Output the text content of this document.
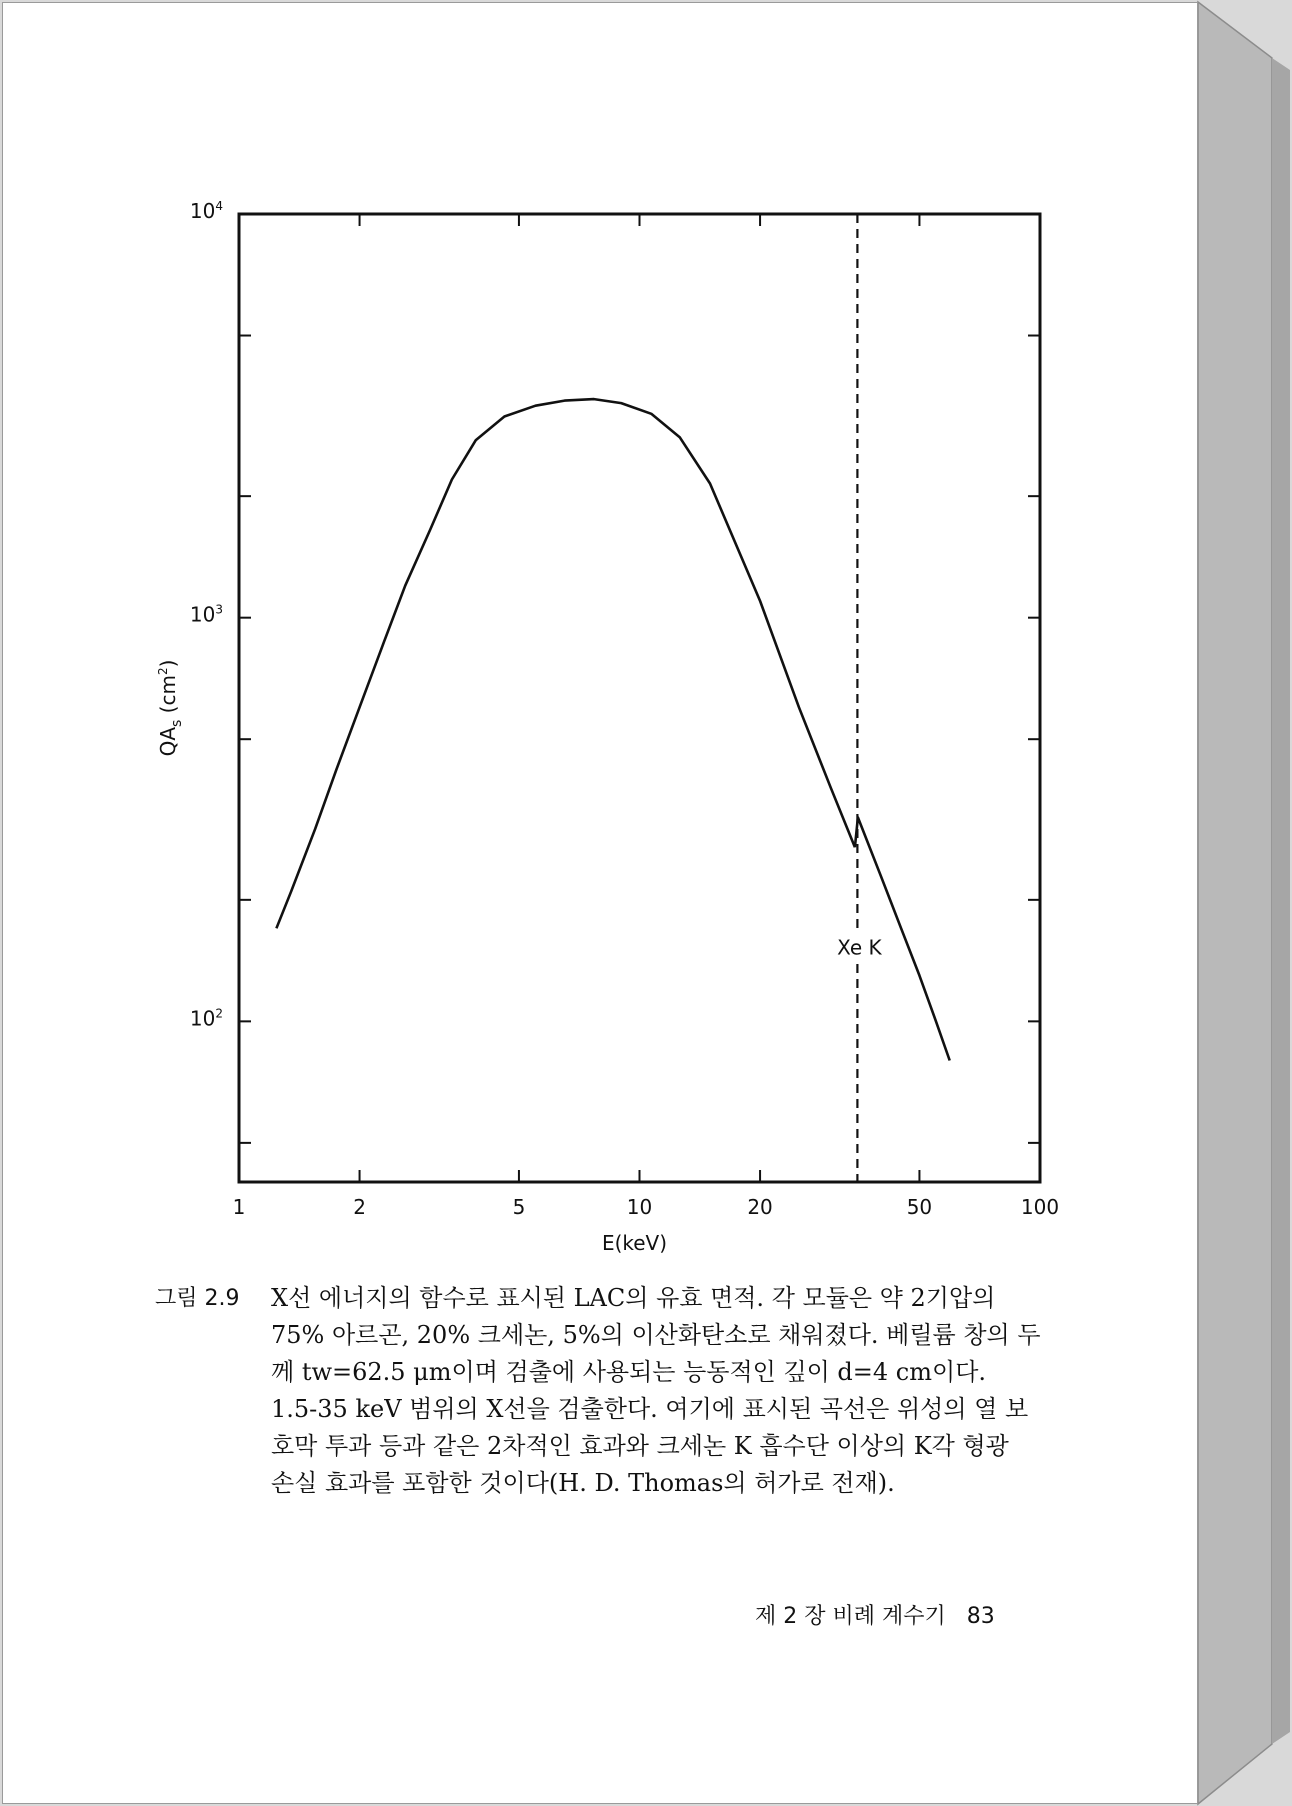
1	2	5	10	20	50	100
$10^2$
$10^3$
$10^4$
Xe K
E(keV)
$QA_s$ $(cm^2)$
그림 2.9	X선 에너지의 함수로 표시된 LAC의 유효 면적. 각 모듈은 약 2기압의
75% 아르곤, 20% 크세논, 5%의 이산화탄소로 채워졌다. 베릴륨 창의 두
께 tw=62.5 μm이며 검출에 사용되는 능동적인 깊이 d=4 cm이다.
1.5-35 keV 범위의 X선을 검출한다. 여기에 표시된 곡선은 위성의 열 보
호막 투과 등과 같은 2차적인 효과와 크세논 K 흡수단 이상의 K각 형광
손실 효과를 포함한 것이다(H. D. Thomas의 허가로 전재).
제 2 장 비례 계수기 83
